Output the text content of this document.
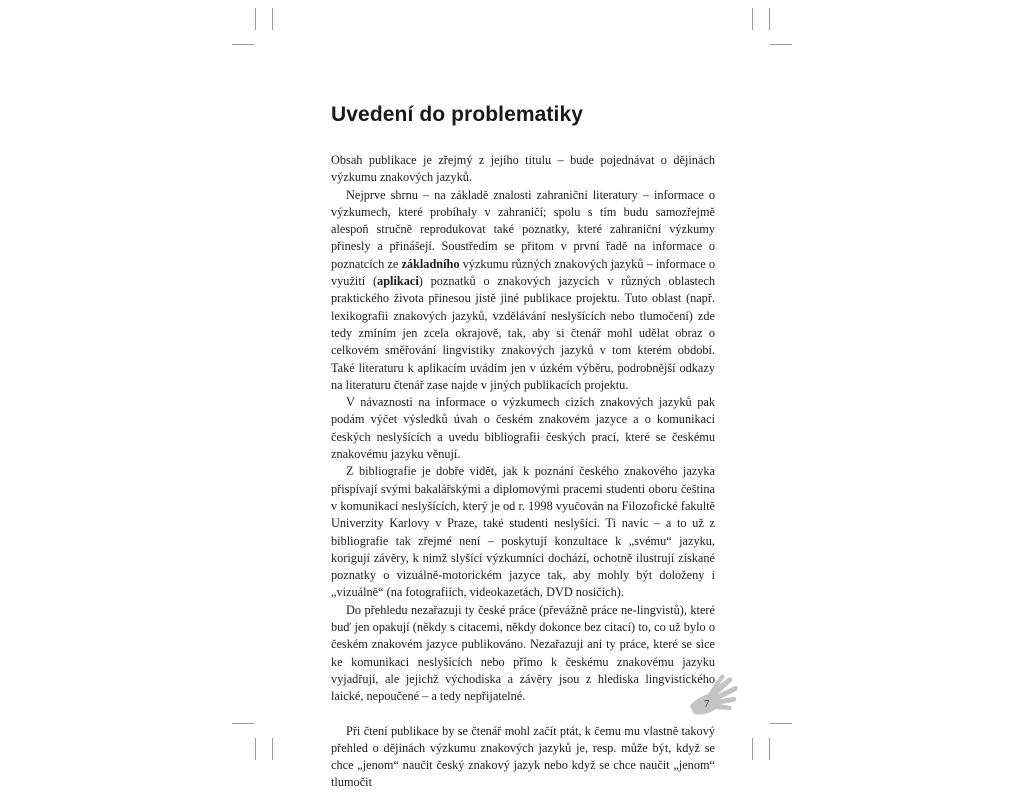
Uvedení do problematiky

Obsah publikace je zřejmý z jejího titulu – bude pojednávat o dějinách výzkumu znakových jazyků.

Nejprve shrnu – na základě znalosti zahraniční literatury – informace o výzkumech, které probíhaly v zahraničí; spolu s tím budu samozřejmě alespoň stručně reprodukovat také poznatky, které zahraniční výzkumy přinesly a přinášejí. Soustředím se přitom v první řadě na informace o poznatcích ze základního výzkumu různých znakových jazyků – informace o využití (aplikaci) poznatků o znakových jazycích v různých oblastech praktického života přinesou jistě jiné publikace projektu. Tuto oblast (např. lexikografii znakových jazyků, vzdělávání neslyšících nebo tlumočení) zde tedy zmíním jen zcela okrajově, tak, aby si čtenář mohl udělat obraz o celkovém směřování lingvistiky znakových jazyků v tom kterém období. Také literaturu k aplikacím uvádím jen v úzkém výběru, podrobnější odkazy na literaturu čtenář zase najde v jiných publikacích projektu.

V návaznosti na informace o výzkumech cizích znakových jazyků pak podám výčet výsledků úvah o českém znakovém jazyce a o komunikaci českých neslyšících a uvedu bibliografii českých prací, které se českému znakovému jazyku věnují.

Z bibliografie je dobře vidět, jak k poznání českého znakového jazyka přispívají svými bakalářskými a diplomovými pracemi studenti oboru čeština v komunikaci neslyšících, který je od r. 1998 vyučován na Filozofické fakultě Univerzity Karlovy v Praze, také studenti neslyšící. Ti navíc – a to už z bibliografie tak zřejmé není – poskytují konzultace k „svému“ jazyku, korigují závěry, k nimž slyšící výzkumníci dochází, ochotně ilustrují získané poznatky o vizuálně-motorickém jazyce tak, aby mohly být doloženy i „vizuálně“ (na fotografiích, videokazetách, DVD nosičích).

Do přehledu nezařazuji ty české práce (převážně práce ne-lingvistů), které buď jen opakují (někdy s citacemi, někdy dokonce bez citací) to, co už bylo o českém znakovém jazyce publikováno. Nezařazuji ani ty práce, které se sice ke komunikaci neslyšících nebo přímo k českému znakovému jazyku vyjadřují, ale jejichž východiska a závěry jsou z hlediska lingvistického laické, nepoučené – a tedy nepřijatelné.

Při čtení publikace by se čtenář mohl začít ptát, k čemu mu vlastně takový přehled o dějinách výzkumu znakových jazyků je, resp. může být, když se chce „jenom“ naučit český znakový jazyk nebo když se chce naučit „jenom“ tlumočit

7
